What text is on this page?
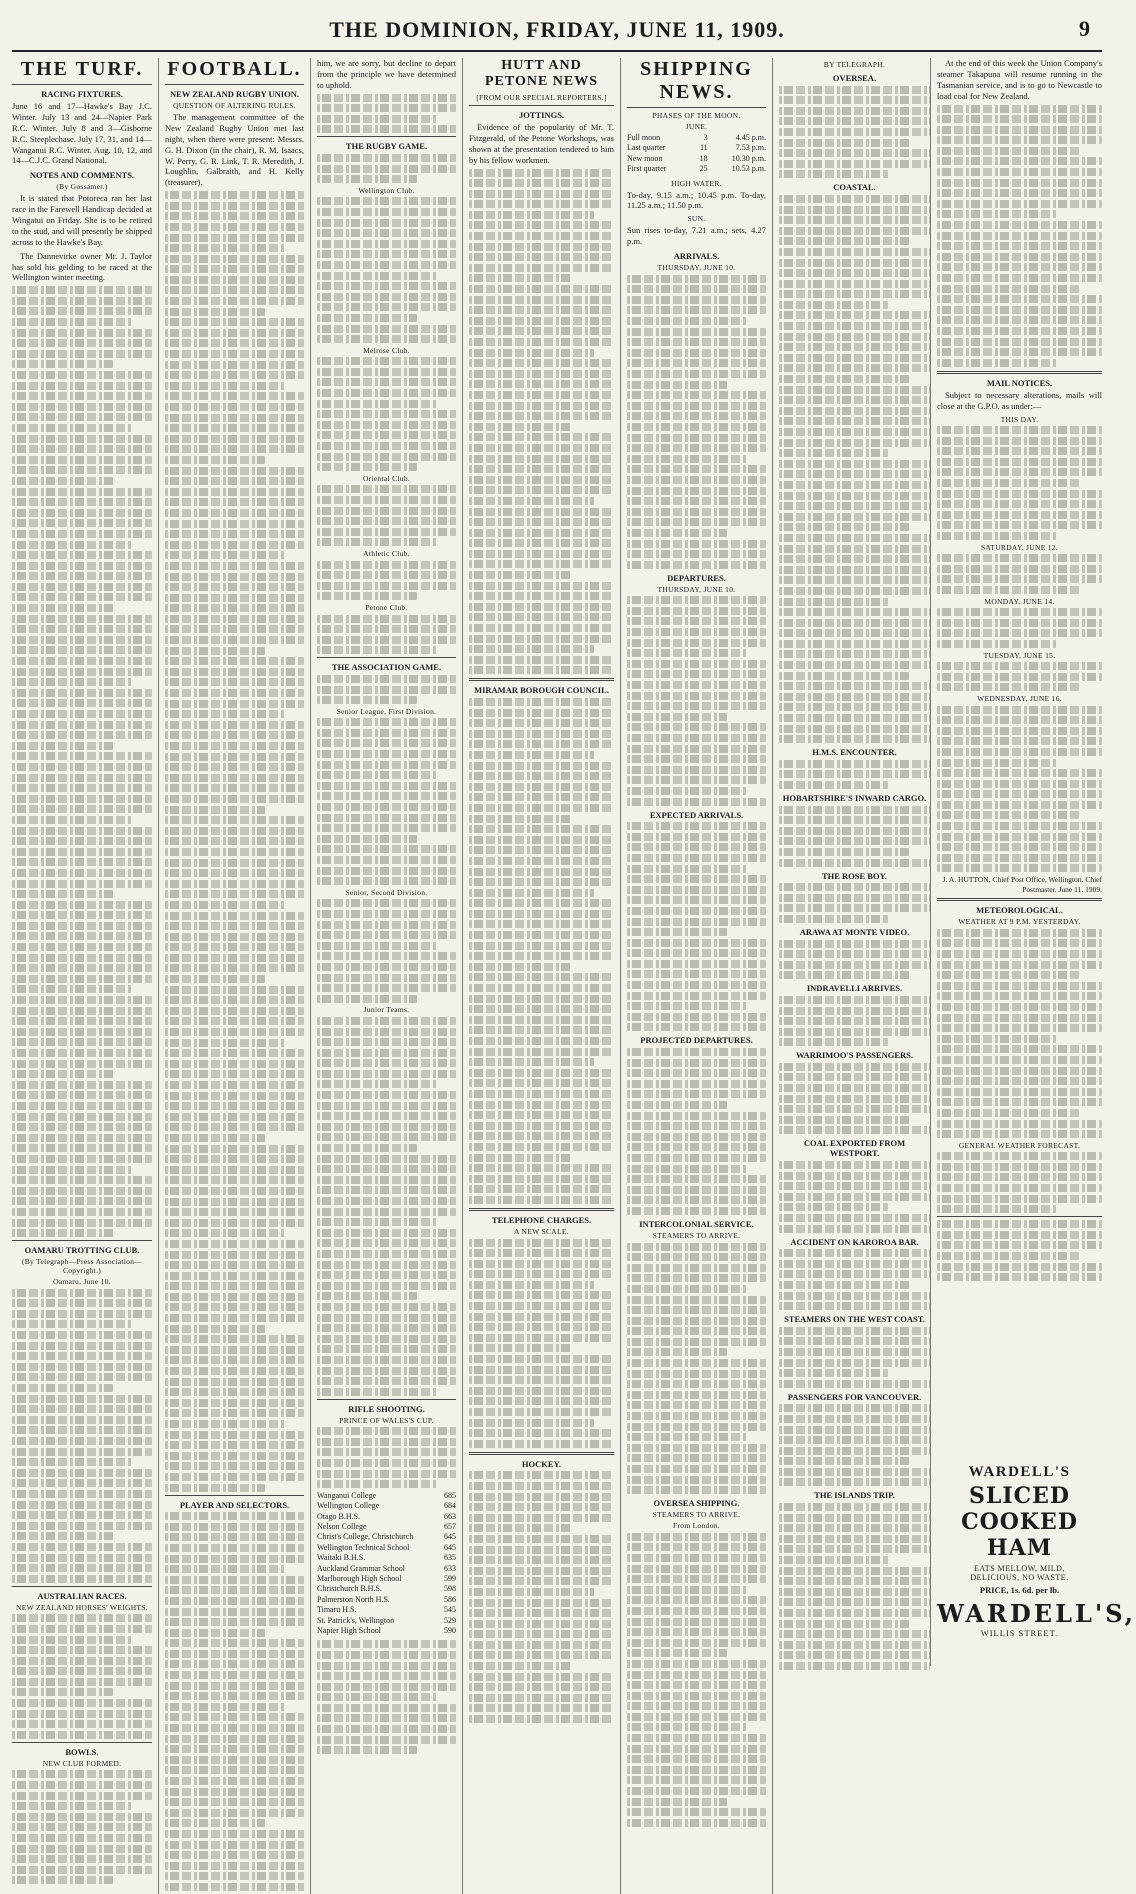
THE DOMINION, FRIDAY, JUNE 11, 1909.	9
THE TURF.
RACING FIXTURES.

June 16 and 17—Hawke's Bay J.C. Winter. July 13 and 24—Napier Park R.C. Winter. July 8 and 3—Gisborne R.C. Steeplechase. July 17, 31, and 14—Wanganui R.C. Winter. Aug. 10, 12, and 14—C.J.C. Grand National.

NOTES AND COMMENTS.
(By Gossamer.)

It is stated that Potoreca ran her last race in the Farewell Handicap decided at Wingatui on Friday. She is to be retired to the stud, and will presently be shipped across to the Hawke's Bay.

The Dannevirke owner Mr. J. Taylor has sold his gelding to be raced at the Wellington winter meeting.

OAMARU TROTTING CLUB.
(By Telegraph—Press Association—Copyright.)
Oamaru, June 10.
AUSTRALIAN RACES.
NEW ZEALAND HORSES' WEIGHTS.
BOWLS.
NEW CLUB FORMED.
FOOTBALL.
NEW ZEALAND RUGBY UNION.
QUESTION OF ALTERING RULES.

The management committee of the New Zealand Rugby Union met last night, when there were present: Messrs. G. H. Dixon (in the chair), R. M. Isaacs, W. Perry, G. R. Link, T. R. Meredith, J. Loughlin, Galbraith, and H. Kelly (treasurer).

PLAYER AND SELECTORS.

him, we are sorry, but decline to depart from the principle we have determined to uphold.

THE RUGBY GAME.
Wellington Club.
Melrose Club.
Oriental Club.
Athletic Club.
Petone Club.
THE ASSOCIATION GAME.
Senior League, First Division.
Senior, Second Division.
Junior Teams.
RIFLE SHOOTING.
PRINCE OF WALES'S CUP.
Wanganui College	685
Wellington College	684
Otago B.H.S.	663
Nelson College	657
Christ's College, Christchurch	645
Wellington Technical School	645
Waitaki B.H.S.	635
Auckland Grammar School	633
Marlborough High School	599
Christchurch B.H.S.	598
Palmerston North H.S.	586
Timaru H.S.	545
St. Patrick's, Wellington	529
Napier High School	590
HUTT AND PETONE NEWS
[FROM OUR SPECIAL REPORTERS.]
JOTTINGS.

Evidence of the popularity of Mr. T. Fitzgerald, of the Petone Workshops, was shown at the presentation tendered to him by his fellow workmen.

MIRAMAR BOROUGH COUNCIL.
TELEPHONE CHARGES.
A NEW SCALE.
HOCKEY.
SHIPPING NEWS.
PHASES OF THE MOON.
JUNE.
Full moon	3	4.45 p.m.
Last quarter	11	7.53 p.m.
New moon	18	10.30 p.m.
First quarter	25	10.53 p.m.
HIGH WATER.

To-day, 9.15 a.m.; 10.45 p.m. To-day, 11.25 a.m.; 11.50 p.m.

SUN.

Sun rises to-day, 7.21 a.m.; sets, 4.27 p.m.

ARRIVALS.
THURSDAY, JUNE 10.
DEPARTURES.
THURSDAY, JUNE 10.
EXPECTED ARRIVALS.
PROJECTED DEPARTURES.
INTERCOLONIAL SERVICE.
STEAMERS TO ARRIVE.
OVERSEA SHIPPING.
STEAMERS TO ARRIVE.
From London.
BY TELEGRAPH.
OVERSEA.
COASTAL.
H.M.S. ENCOUNTER.
HOBARTSHIRE'S INWARD CARGO.
THE ROSE BOY.
ARAWA AT MONTE VIDEO.
INDRAVELLI ARRIVES.
WARRIMOO'S PASSENGERS.
COAL EXPORTED FROM WESTPORT.
ACCIDENT ON KAROROA BAR.
STEAMERS ON THE WEST COAST.
PASSENGERS FOR VANCOUVER.
THE ISLANDS TRIP.

At the end of this week the Union Company's steamer Takapuna will resume running in the Tasmanian service, and is to go to Newcastle to load coal for New Zealand.

MAIL NOTICES.

Subject to necessary alterations, mails will close at the G.P.O. as under:—

THIS DAY.
SATURDAY, JUNE 12.
MONDAY, JUNE 14.
TUESDAY, JUNE 15.
WEDNESDAY, JUNE 16.

J. A. HUTTON, Chief Post Office, Wellington, Chief Postmaster. June 11, 1909.

METEOROLOGICAL.
WEATHER AT 9 P.M. YESTERDAY.
GENERAL WEATHER FORECAST.
WARDELL'S
SLICED COOKED HAM
EATS MELLOW, MILD,
DELICIOUS, NO WASTE.
PRICE, 1s. 6d. per lb.
WARDELL'S,
WILLIS STREET.
